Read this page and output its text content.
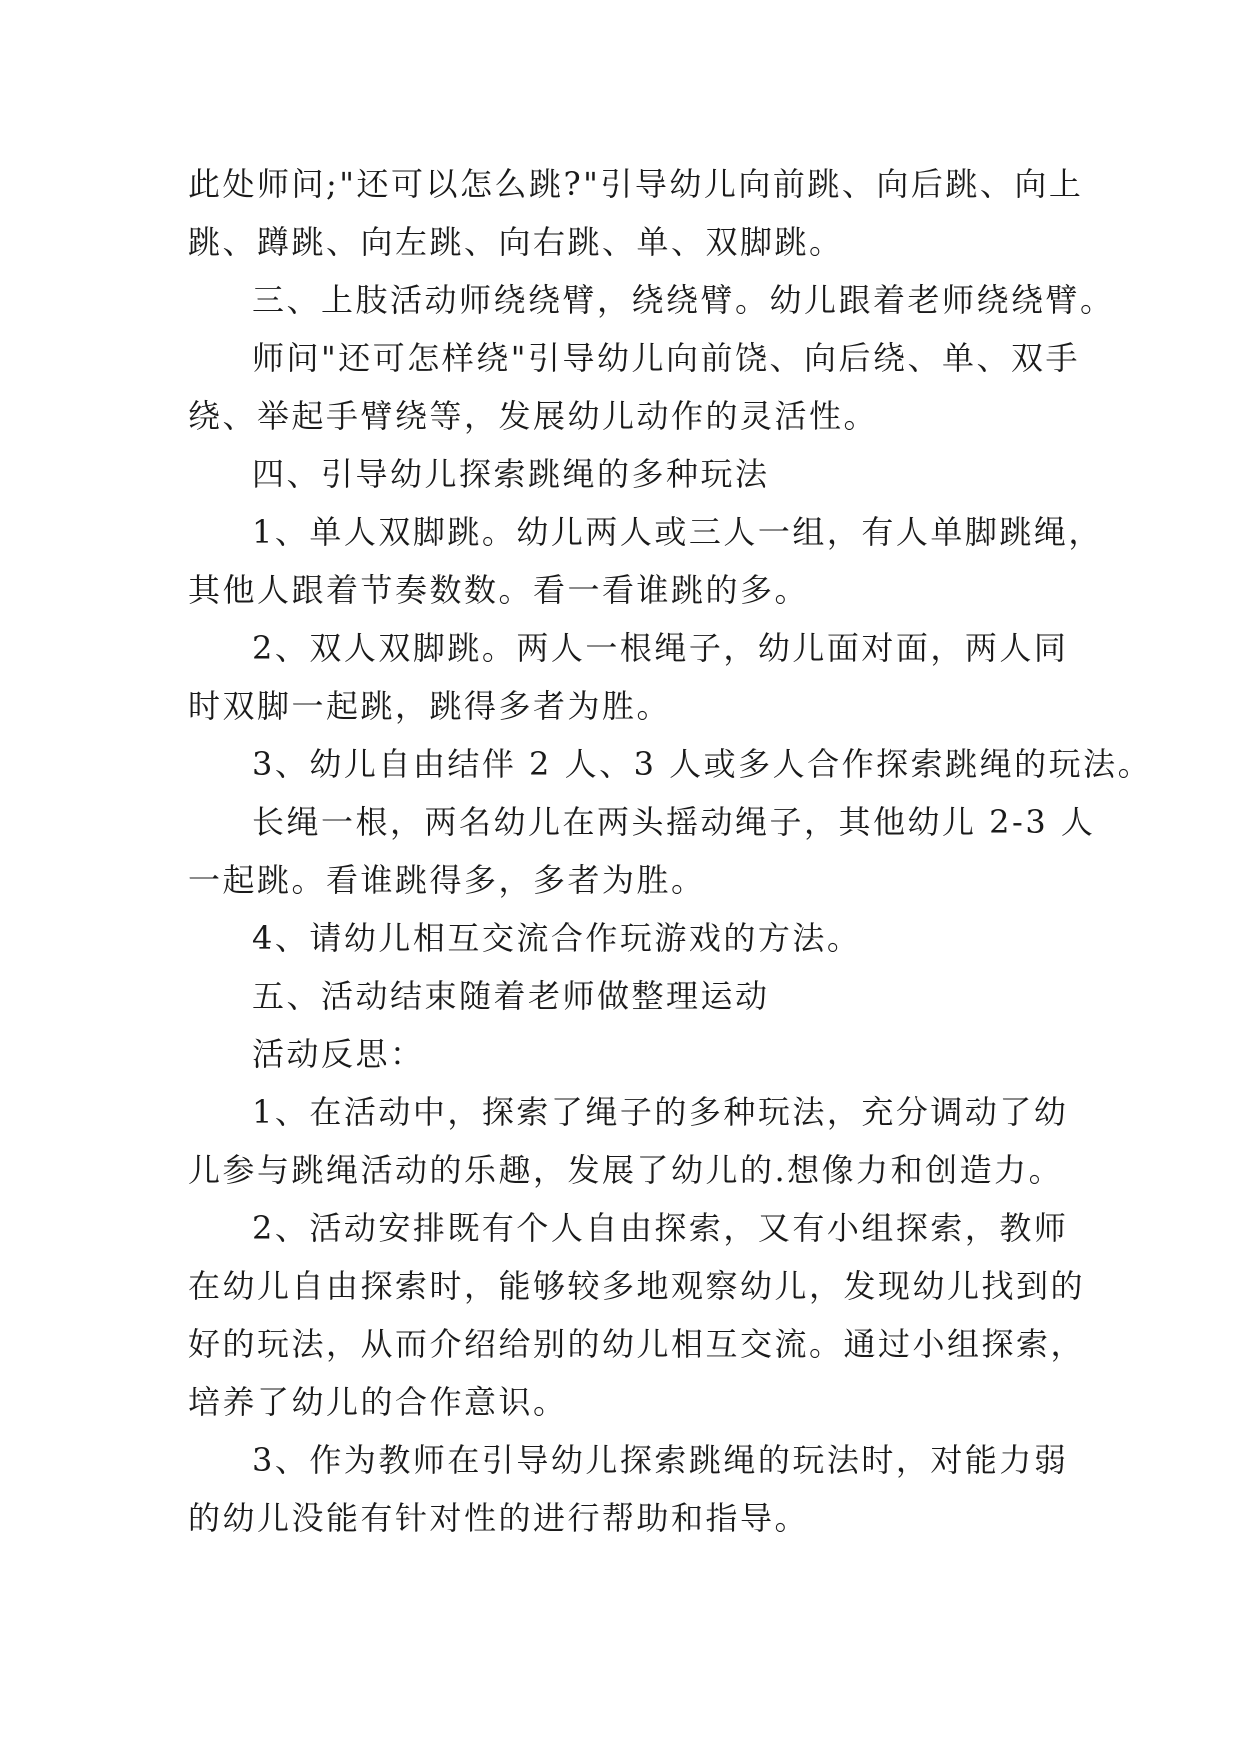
此处师问;"还可以怎么跳?"引导幼儿向前跳、向后跳、向上
跳、蹲跳、向左跳、向右跳、单、双脚跳。
三、上肢活动师绕绕臂，绕绕臂。幼儿跟着老师绕绕臂。
师问"还可怎样绕"引导幼儿向前饶、向后绕、单、双手
绕、举起手臂绕等，发展幼儿动作的灵活性。
四、引导幼儿探索跳绳的多种玩法
1、单人双脚跳。幼儿两人或三人一组，有人单脚跳绳，
其他人跟着节奏数数。看一看谁跳的多。
2、双人双脚跳。两人一根绳子，幼儿面对面，两人同
时双脚一起跳，跳得多者为胜。
3、幼儿自由结伴 2 人、3 人或多人合作探索跳绳的玩法。
长绳一根，两名幼儿在两头摇动绳子，其他幼儿 2-3 人
一起跳。看谁跳得多，多者为胜。
4、请幼儿相互交流合作玩游戏的方法。
五、活动结束随着老师做整理运动
活动反思：
1、在活动中，探索了绳子的多种玩法，充分调动了幼
儿参与跳绳活动的乐趣，发展了幼儿的.想像力和创造力。
2、活动安排既有个人自由探索，又有小组探索，教师
在幼儿自由探索时，能够较多地观察幼儿，发现幼儿找到的
好的玩法，从而介绍给别的幼儿相互交流。通过小组探索，
培养了幼儿的合作意识。
3、作为教师在引导幼儿探索跳绳的玩法时，对能力弱
的幼儿没能有针对性的进行帮助和指导。
